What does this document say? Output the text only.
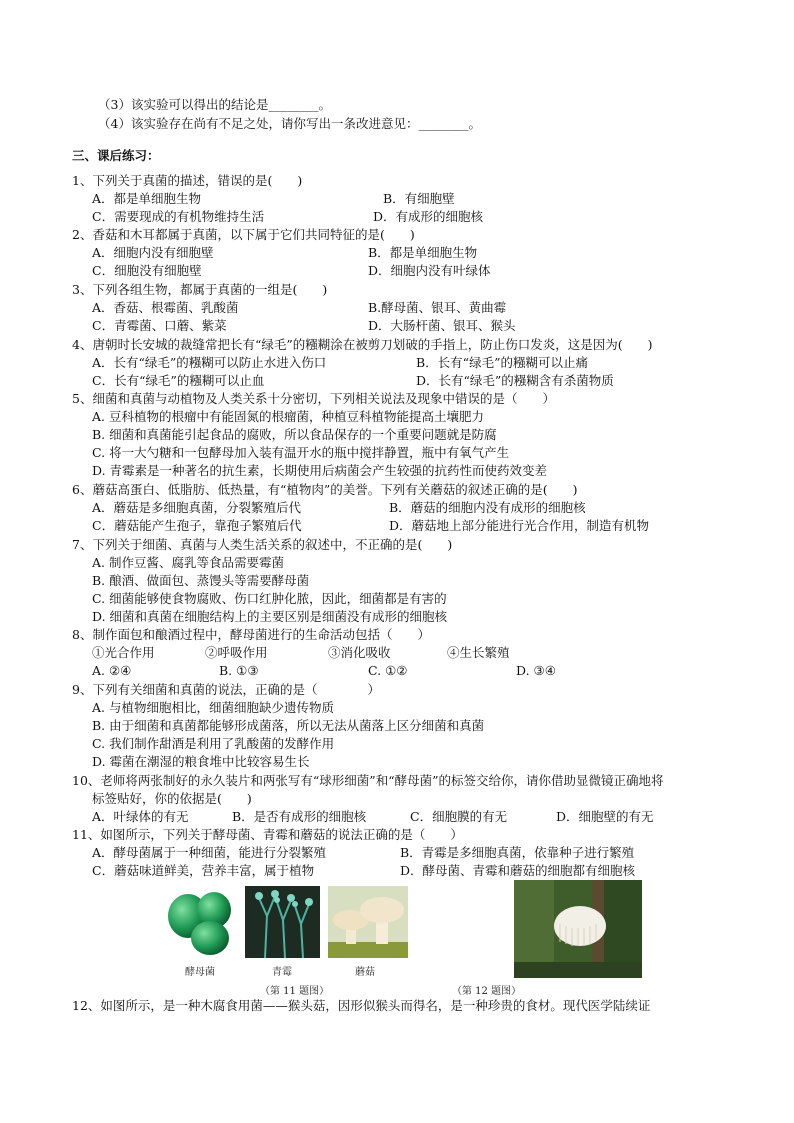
（3）该实验可以得出的结论是________。
（4）该实验存在尚有不足之处，请你写出一条改进意见：________。
三、课后练习：
1、下列关于真菌的描述，错误的是(　　)
A．都是单细胞生物	B．有细胞壁
C．需要现成的有机物维持生活	D．有成形的细胞核
2、香菇和木耳都属于真菌，以下属于它们共同特征的是(　　)
A．细胞内没有细胞壁	B．都是单细胞生物
C．细胞没有细胞壁	D．细胞内没有叶绿体
3、下列各组生物，都属于真菌的一组是(　　)
A．香菇、根霉菌、乳酸菌	B.酵母菌、银耳、黄曲霉
C．青霉菌、口蘑、紫菜	D．大肠杆菌、银耳、猴头
4、唐朝时长安城的裁缝常把长有“绿毛”的糨糊涂在被剪刀划破的手指上，防止伤口发炎，这是因为(　　)
A．长有“绿毛”的糨糊可以防止水进入伤口	B．长有“绿毛”的糨糊可以止痛
C．长有“绿毛”的糨糊可以止血	D．长有“绿毛”的糨糊含有杀菌物质
5、细菌和真菌与动植物及人类关系十分密切，下列相关说法及现象中错误的是（　　）
A. 豆科植物的根瘤中有能固氮的根瘤菌，种植豆科植物能提高土壤肥力
B. 细菌和真菌能引起食品的腐败，所以食品保存的一个重要问题就是防腐
C. 将一大勺糖和一包酵母加入装有温开水的瓶中搅拌静置，瓶中有氧气产生
D. 青霉素是一种著名的抗生素，长期使用后病菌会产生较强的抗药性而使药效变差
6、蘑菇高蛋白、低脂肪、低热量，有“植物肉”的美誉。下列有关蘑菇的叙述正确的是(　　)
A．蘑菇是多细胞真菌，分裂繁殖后代	B．蘑菇的细胞内没有成形的细胞核
C．蘑菇能产生孢子，靠孢子繁殖后代	D．蘑菇地上部分能进行光合作用，制造有机物
7、下列关于细菌、真菌与人类生活关系的叙述中，不正确的是(　　)
A. 制作豆酱、腐乳等食品需要霉菌
B. 酿酒、做面包、蒸馒头等需要酵母菌
C. 细菌能够使食物腐败、伤口红肿化脓，因此，细菌都是有害的
D. 细菌和真菌在细胞结构上的主要区别是细菌没有成形的细胞核
8、制作面包和酿酒过程中，酵母菌进行的生命活动包括（　　）
①光合作用	②呼吸作用	③消化吸收	④生长繁殖
A. ②④	B. ①③	C. ①②	D. ③④
9、下列有关细菌和真菌的说法，正确的是（　　　　）
A. 与植物细胞相比，细菌细胞缺少遗传物质
B. 由于细菌和真菌都能够形成菌落，所以无法从菌落上区分细菌和真菌
C. 我们制作甜酒是利用了乳酸菌的发酵作用
D. 霉菌在潮湿的粮食堆中比较容易生长
10、老师将两张制好的永久装片和两张写有“球形细菌”和“酵母菌”的标签交给你，请你借助显微镜正确地将
标签贴好，你的依据是(　　)
A．叶绿体的有无	B．是否有成形的细胞核	C．细胞膜的有无	D．细胞壁的有无
11、如图所示，下列关于酵母菌、青霉和蘑菇的说法正确的是（　　）
A．酵母菌属于一种细菌，能进行分裂繁殖	B．青霉是多细胞真菌，依靠种子进行繁殖
C．蘑菇味道鲜美，营养丰富，属于植物	D．酵母菌、青霉和蘑菇的细胞都有细胞核
酵母菌	青霉	蘑菇
（第 11 题图）	（第 12 题图）
12、如图所示，是一种木腐食用菌——猴头菇，因形似猴头而得名，是一种珍贵的食材。现代医学陆续证
